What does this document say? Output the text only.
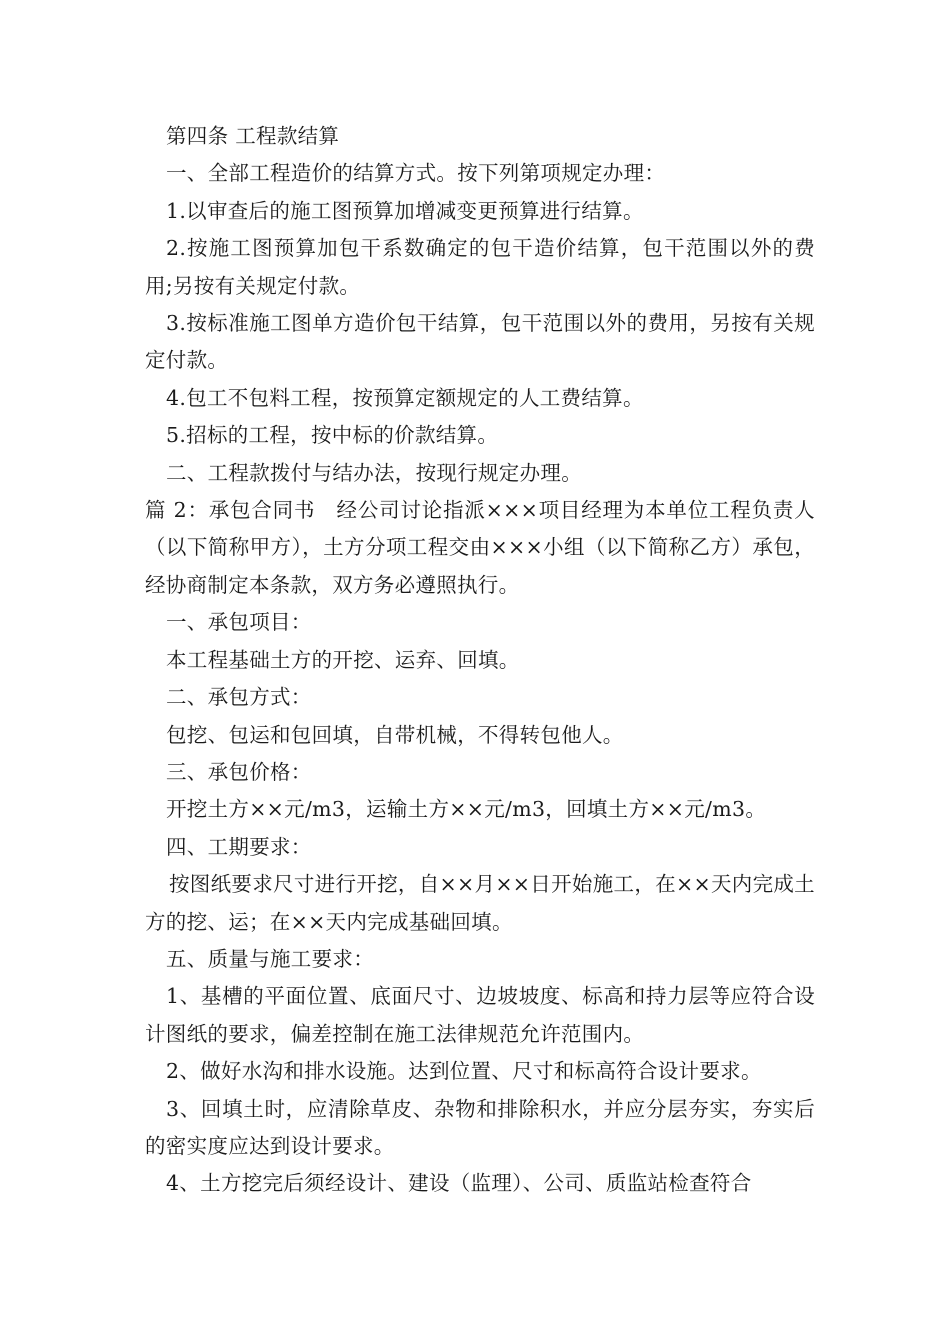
第四条 工程款结算

一、全部工程造价的结算方式。按下列第项规定办理：

1.以审查后的施工图预算加增减变更预算进行结算。

2.按施工图预算加包干系数确定的包干造价结算，包干范围以外的费用;另按有关规定付款。

3.按标准施工图单方造价包干结算，包干范围以外的费用，另按有关规定付款。

4.包工不包料工程，按预算定额规定的人工费结算。

5.招标的工程，按中标的价款结算。

二、工程款拨付与结办法，按现行规定办理。

篇 2：承包合同书　经公司讨论指派×××项目经理为本单位工程负责人（以下简称甲方），土方分项工程交由×××小组（以下简称乙方）承包，经协商制定本条款，双方务必遵照执行。

一、承包项目：

本工程基础土方的开挖、运弃、回填。

二、承包方式：

包挖、包运和包回填，自带机械，不得转包他人。

三、承包价格：

开挖土方××元/m3，运输土方××元/m3，回填土方××元/m3。

四、工期要求：

按图纸要求尺寸进行开挖，自××月××日开始施工，在××天内完成土方的挖、运；在××天内完成基础回填。

五、质量与施工要求：

1、基槽的平面位置、底面尺寸、边坡坡度、标高和持力层等应符合设计图纸的要求，偏差控制在施工法律规范允许范围内。

2、做好水沟和排水设施。达到位置、尺寸和标高符合设计要求。

3、回填土时，应清除草皮、杂物和排除积水，并应分层夯实，夯实后的密实度应达到设计要求。

4、土方挖完后须经设计、建设（监理）、公司、质监站检查符合
